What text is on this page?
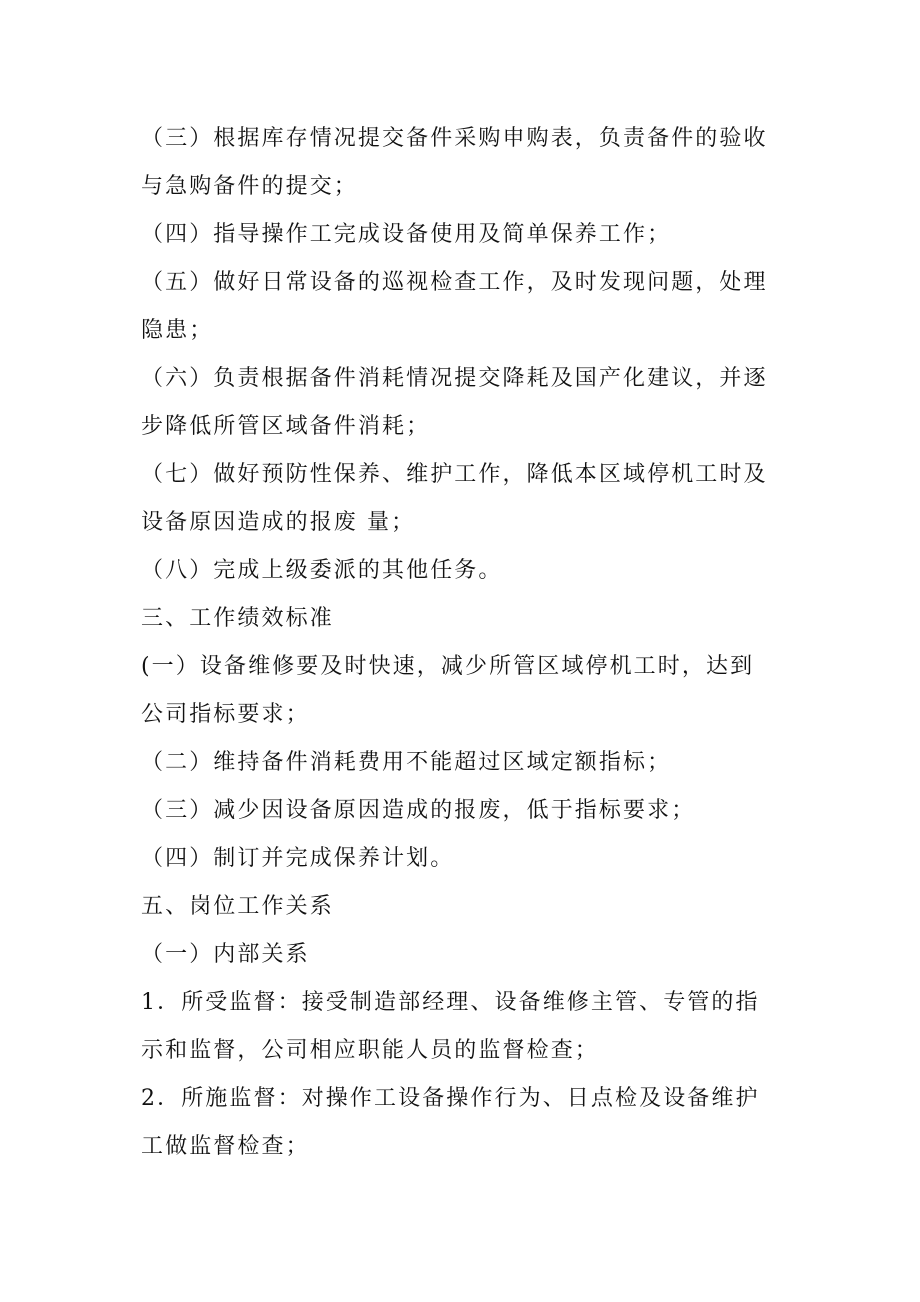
（三）根据库存情况提交备件采购申购表，负责备件的验收
与急购备件的提交；
（四）指导操作工完成设备使用及简单保养工作；
（五）做好日常设备的巡视检查工作，及时发现问题，处理
隐患；
（六）负责根据备件消耗情况提交降耗及国产化建议，并逐
步降低所管区域备件消耗；
（七）做好预防性保养、维护工作，降低本区域停机工时及
设备原因造成的报废 量；
（八）完成上级委派的其他任务。
三、工作绩效标准
(一）设备维修要及时快速，减少所管区域停机工时，达到
公司指标要求；
（二）维持备件消耗费用不能超过区域定额指标；
（三）减少因设备原因造成的报废，低于指标要求；
（四）制订并完成保养计划。
五、岗位工作关系
（一）内部关系
1．所受监督：接受制造部经理、设备维修主管、专管的指
示和监督，公司相应职能人员的监督检查；
2．所施监督：对操作工设备操作行为、日点检及设备维护
工做监督检查；
